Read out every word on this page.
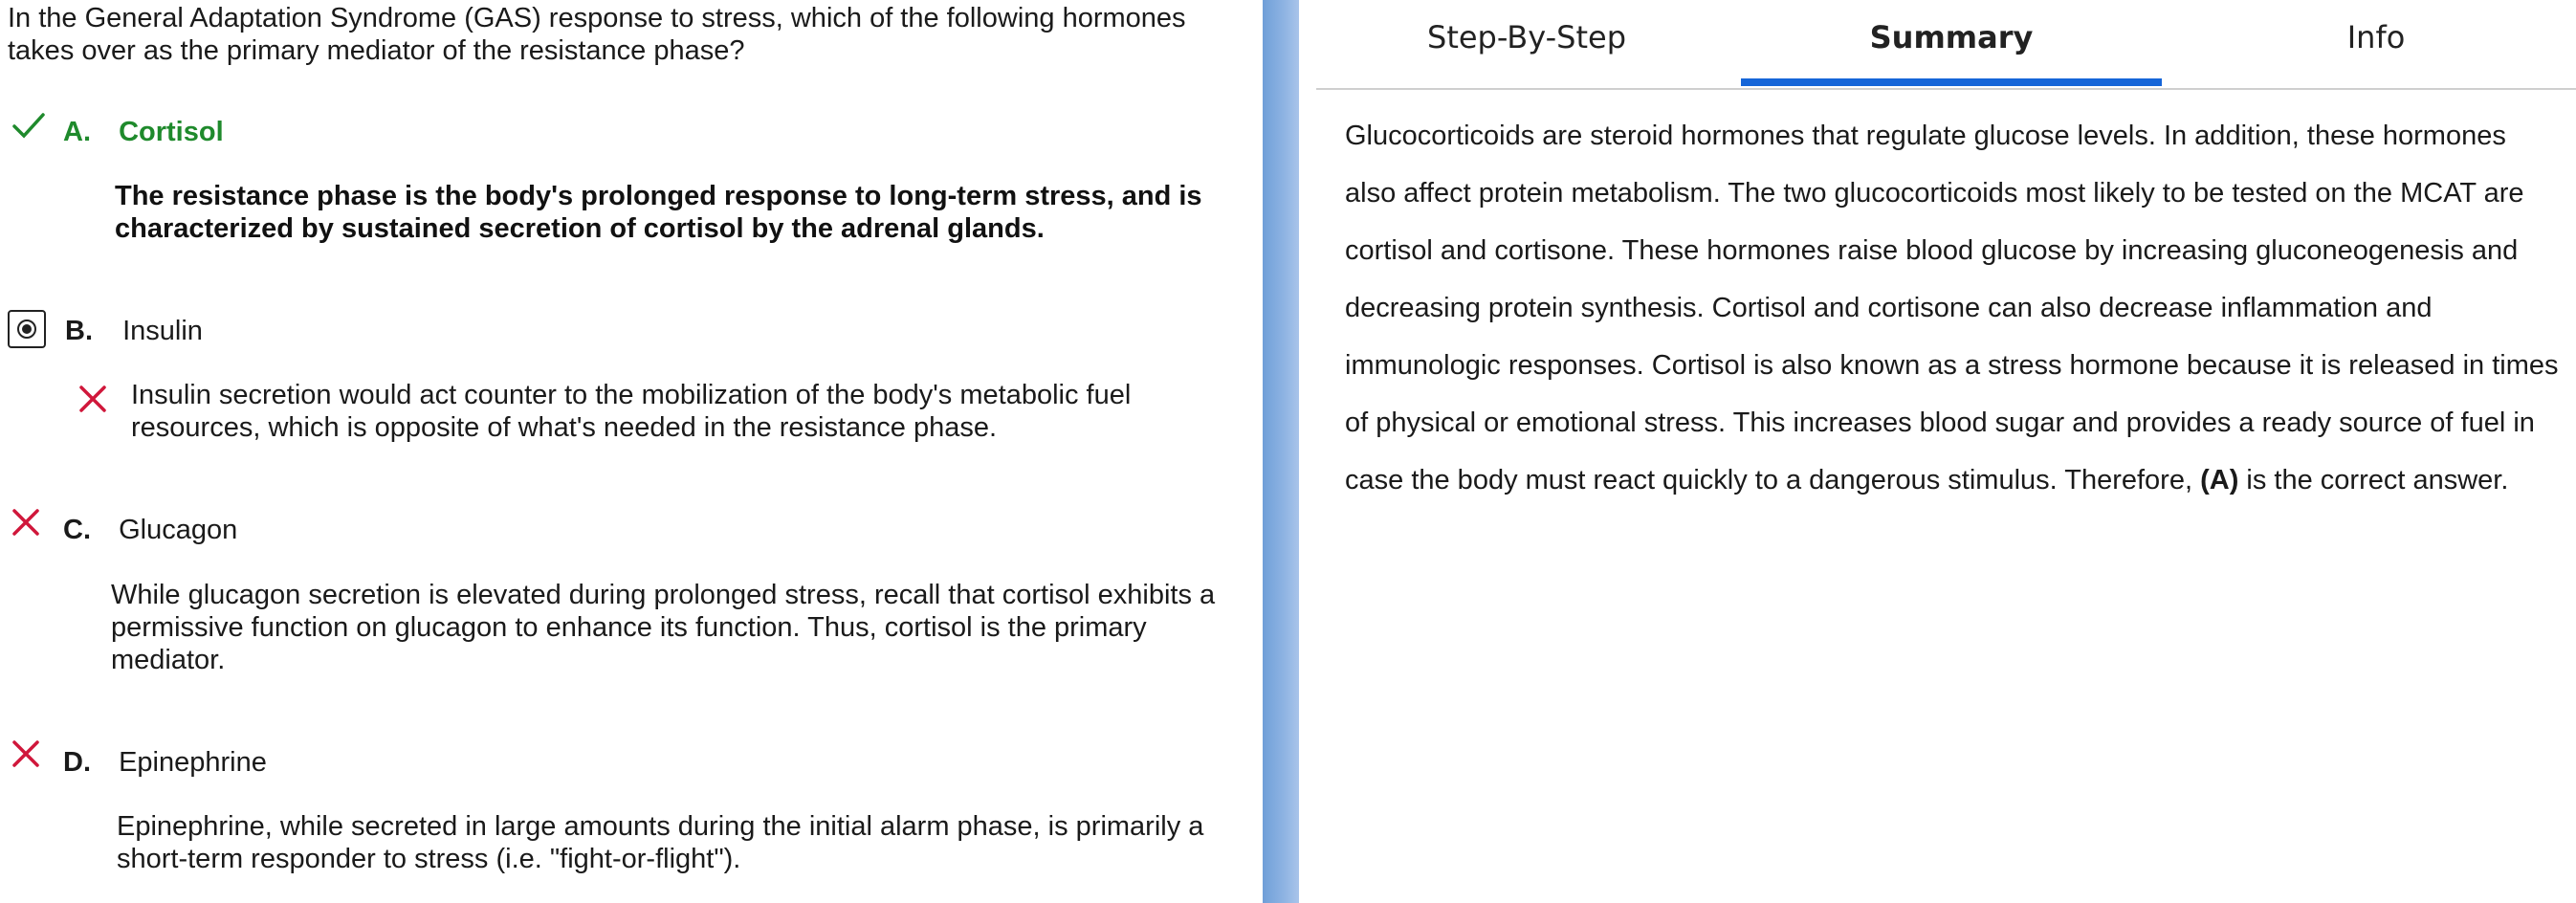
In the General Adaptation Syndrome (GAS) response to stress, which of the following hormones takes over as the primary mediator of the resistance phase?
A. Cortisol
The resistance phase is the body's prolonged response to long-term stress, and is characterized by sustained secretion of cortisol by the adrenal glands.
B. Insulin
Insulin secretion would act counter to the mobilization of the body's metabolic fuel resources, which is opposite of what's needed in the resistance phase.
C. Glucagon
While glucagon secretion is elevated during prolonged stress, recall that cortisol exhibits a permissive function on glucagon to enhance its function. Thus, cortisol is the primary mediator.
D. Epinephrine
Epinephrine, while secreted in large amounts during the initial alarm phase, is primarily a short-term responder to stress (i.e. "fight-or-flight").
Step-By-Step	Summary	Info
Glucocorticoids are steroid hormones that regulate glucose levels. In addition, these hormones also affect protein metabolism. The two glucocorticoids most likely to be tested on the MCAT are cortisol and cortisone. These hormones raise blood glucose by increasing gluconeogenesis and decreasing protein synthesis. Cortisol and cortisone can also decrease inflammation and immunologic responses. Cortisol is also known as a stress hormone because it is released in times of physical or emotional stress. This increases blood sugar and provides a ready source of fuel in case the body must react quickly to a dangerous stimulus. Therefore, (A) is the correct answer.
